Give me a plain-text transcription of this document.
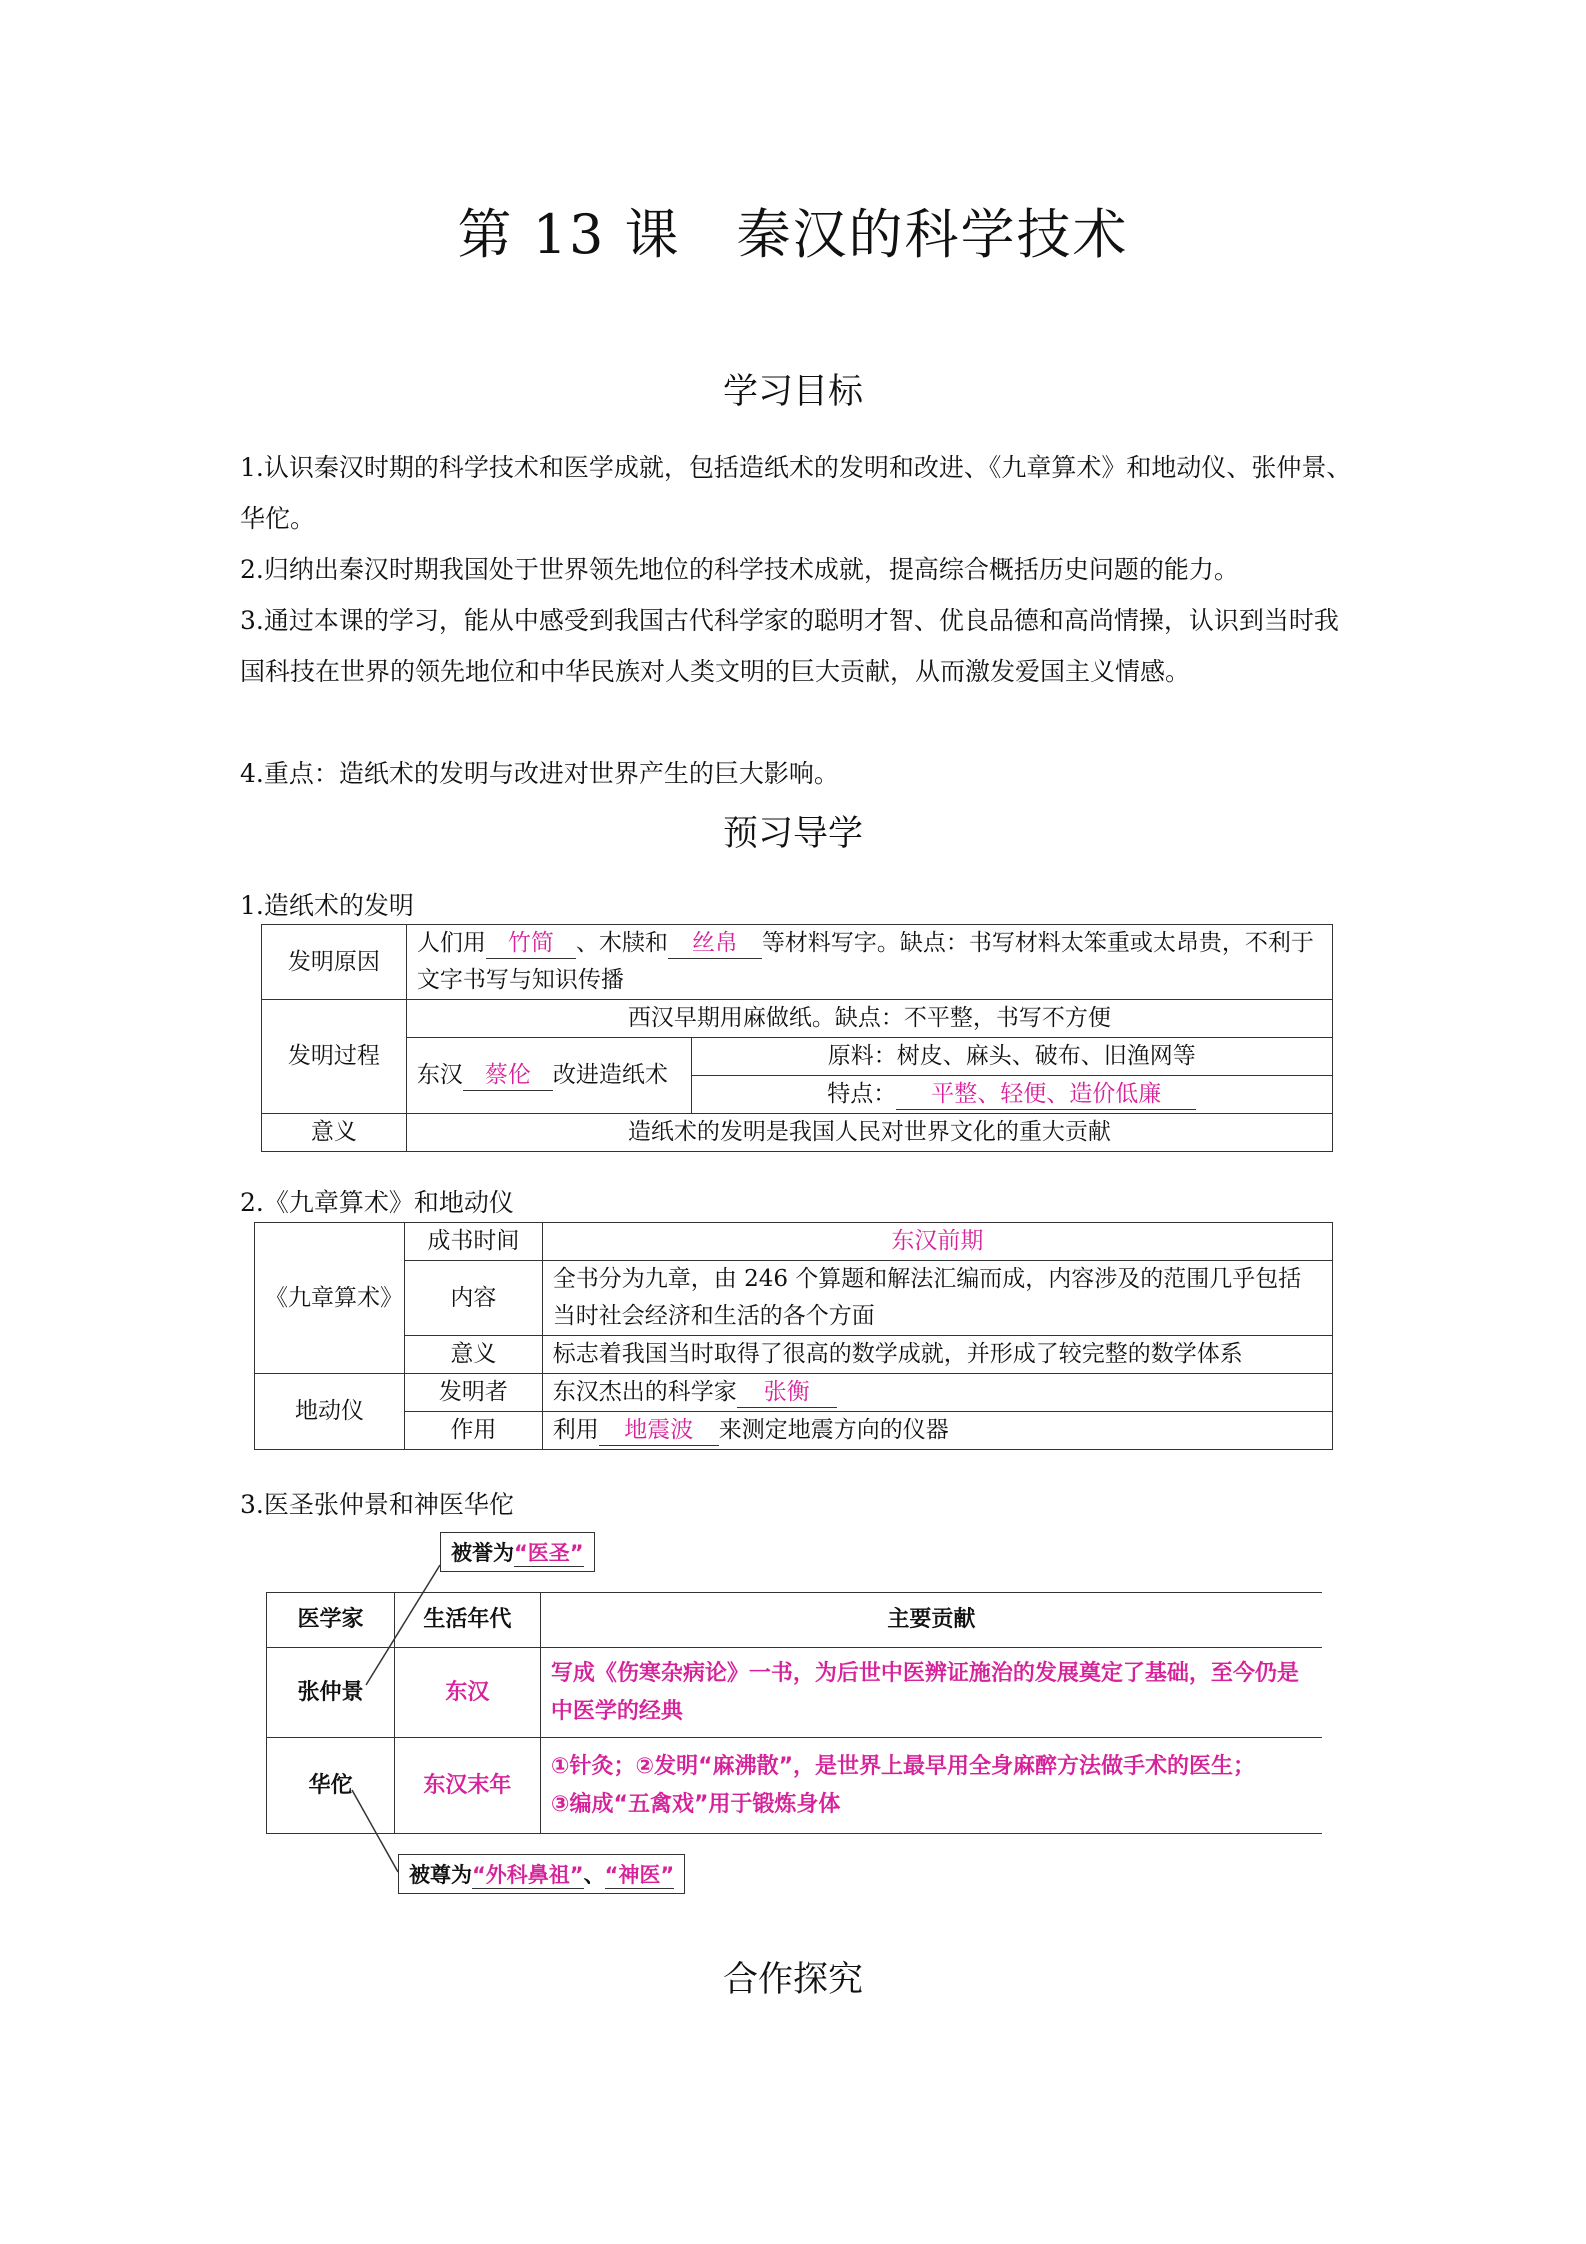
第 13 课　秦汉的科学技术
学习目标
1.认识秦汉时期的科学技术和医学成就，包括造纸术的发明和改进、《九章算术》和地动仪、张仲景、华佗。
2.归纳出秦汉时期我国处于世界领先地位的科学技术成就，提高综合概括历史问题的能力。
3.通过本课的学习，能从中感受到我国古代科学家的聪明才智、优良品德和高尚情操，认识到当时我国科技在世界的领先地位和中华民族对人类文明的巨大贡献，从而激发爱国主义情感。
4.重点：造纸术的发明与改进对世界产生的巨大影响。
预习导学
1.造纸术的发明
发明原因	人们用 竹简 、木牍和 丝帛 等材料写字。缺点：书写材料太笨重或太昂贵，不利于文字书写与知识传播	
发明过程	西汉早期用麻做纸。缺点：不平整，书写不方便	
	东汉 蔡伦 改进造纸术	原料：树皮、麻头、破布、旧渔网等
		特点： 平整、轻便、造价低廉
意义	造纸术的发明是我国人民对世界文化的重大贡献	
2.《九章算术》和地动仪
《九章算术》	成书时间	东汉前期
	内容	全书分为九章，由 246 个算题和解法汇编而成，内容涉及的范围几乎包括当时社会经济和生活的各个方面
	意义	标志着我国当时取得了很高的数学成就，并形成了较完整的数学体系
地动仪	发明者	东汉杰出的科学家 张衡
	作用	利用 地震波 来测定地震方向的仪器
3.医圣张仲景和神医华佗
被誉为“医圣”
医学家	生活年代	主要贡献
张仲景	东汉	写成《伤寒杂病论》一书，为后世中医辨证施治的发展奠定了基础，至今仍是中医学的经典
华佗	东汉末年	①针灸；②发明“麻沸散”，是世界上最早用全身麻醉方法做手术的医生；
③编成“五禽戏”用于锻炼身体
被尊为“外科鼻祖”、“神医”
合作探究
